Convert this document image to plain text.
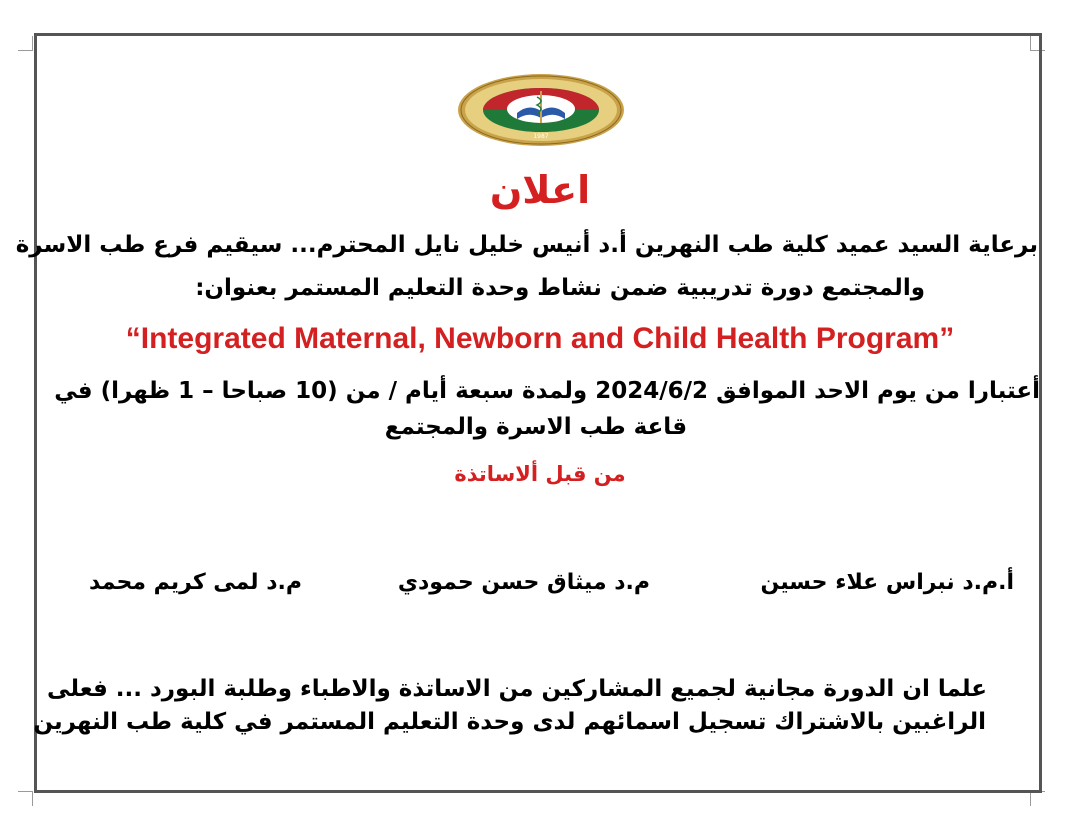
1987

اعلان

برعاية السيد عميد كلية طب النهرين أ.د أنيس خليل نايل المحترم... سيقيم فرع طب الاسرة

والمجتمع دورة تدريبية ضمن نشاط وحدة التعليم المستمر بعنوان:

“Integrated Maternal, Newborn and Child Health Program”

أعتبارا من يوم الاحد الموافق 2024/6/2 ولمدة سبعة أيام / من (10 صباحا – 1 ظهرا) في

قاعة طب الاسرة والمجتمع

من قبل ألاساتذة

أ.م.د نبراس علاء حسين

م.د ميثاق حسن حمودي

م.د لمى كريم محمد

علما ان الدورة مجانية لجميع المشاركين من الاساتذة والاطباء وطلبة البورد ... فعلى

الراغبين بالاشتراك تسجيل اسمائهم لدى وحدة التعليم المستمر في كلية طب النهرين
